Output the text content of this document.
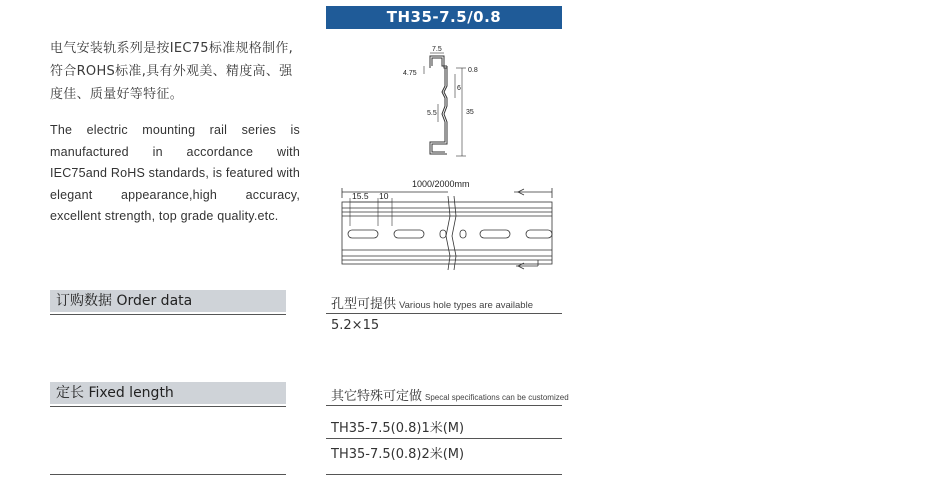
TH35-7.5/0.8
电气安装轨系列是按IEC75标准规格制作,符合ROHS标准,具有外观美、精度高、强度佳、质量好等特征。
The electric mounting rail series is manufactured in accordance with IEC75and RoHS standards, is featured with elegant appearance,high accuracy, excellent strength, top grade quality.etc.
7.5
4.75	0.8
6
5.5	35
1000/2000mm
15.5 10
订购数据 Order data	孔型可提供 Various hole types are available
5.2×15
定长 Fixed length	其它特殊可定做 Specal specifications can be customized
TH35-7.5(0.8)1米(M)
TH35-7.5(0.8)2米(M)
